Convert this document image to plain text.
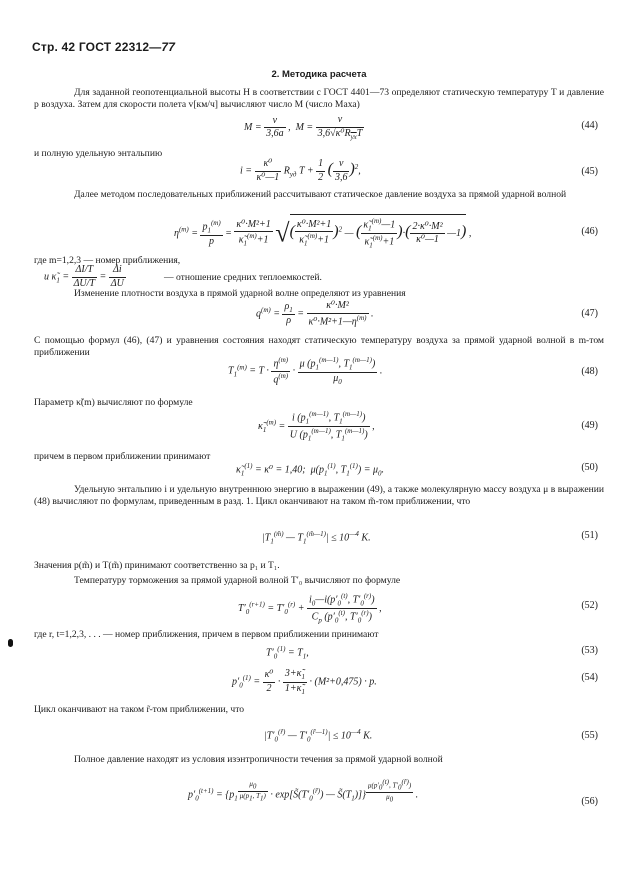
Стр. 42 ГОСТ 22312—77
2. Методика расчета
Для заданной геопотенциальной высоты H в соответствии с ГОСТ 4401—73 определяют статическую температуру T и давление p воздуха. Затем для скорости полета v[км/ч] вычисляют число M (число Маха)
$M = \frac{v}{3,6a}$ ,  $M = \frac{v}{3,6√\kappa^0R_{ух}T}$	(44)
и полную удельную энтальпию
$i = \frac{\text{κ⁰}}{\text{κ⁰—1}} R_{уд}$ $T + \frac{1}{2}$ ( $\frac{v}{3,6} )^2$,	(45)
Далее методом последовательных приближений рассчитывают статическое давление воздуха за прямой ударной волной
$\eta^{(m)} = \frac{p_1^{(m)}}{p} = \frac{\text{κ⁰·M²+1}}{\kappã_1^{(m)}+1}$ √( $\frac{\text{κ⁰·M²+1}}{\kappã_1^{(m)}+1} )^2$ — ( $\frac{\kappã_1^{(m)}—1}{\kappã_1^{(m)}+1}$ )·( $\frac{\text{2·κ⁰·M²}}{\text{κ⁰—1}}$ —1) ,	(46)
где m=1,2,3 — номер приближения,
и $\kappã_1 = \frac{\Delta I/T}{\Delta U/T} = \frac{\Delta i}{\Delta U}$	— отношение средних теплоемкостей.
Изменение плотности воздуха в прямой ударной волне определяют из уравнения
$q^{(m)} = \frac{\rho_1}{\rho} = \frac{\text{κ⁰·M²}}{\kappa^0\cdot M^2+1—\eta^{(m)}}$ .	(47)
С помощью формул (46), (47) и уравнения состояния находят статическую температуру воздуха за прямой ударной волной в m-том приближении
$T_1^{(m)} = T \cdot \frac{\eta^{(m)}}{q^{(m)}} \cdot \frac{\mu (p_1^{(m—1)}, T_1^{(m—1)})}{\mu_0}$ .	(48)
Параметр κ̃(m) вычисляют по формуле
$\kappã_1^{(m)} = \frac{i (p_1^{(m—1)}, T_1^{(m—1)})}{U (p_1^{(m—1)}, T_1^{(m—1)})}$ ,	(49)
причем в первом приближении принимают
$\kappã_1^{(1)} = \kappa^0 = 1,40$;  $\mu(p_1^{(1)}$, $T_1^{(1)}) = \mu_0$.	(50)
Удельную энтальпию i и удельную внутреннюю энергию в выражении (49), а также молекулярную массу воздуха μ в выражении (48) вычисляют по формулам, приведенным в разд. 1. Цикл оканчивают на таком m̃-том приближении, что
$|T_1^{(m̃)}$ — $T_1^{(m̃—1)}| \le 10^{—4}$ K.	(51)
Значения p(m̃) и T(m̃) принимают соответственно за p₁ и T₁.
Температуру торможения за прямой ударной волной T′₀ вычисляют по формуле
$T'_0^{(r+1)} = T'_0^{(r)} + \frac{i_0—i(p'_0^{(t)}, T'_0^{(r)})}{C_p (p'_0^{(t)}, T'_0^{(r)})}$ ,	(52)
где r, t=1,2,3, . . . — номер приближения, причем в первом приближении принимают
$T'_0^{(1)} = T_1$,	(53)
$p'_0^{(1)} = \frac{\text{κ⁰}}{2} \cdot \frac{3+\kappã_1}{1+\kappã_1} \cdot (M^2+0,475) \cdot p$.	(54)
Цикл оканчивают на таком r̃-том приближении, что
$|T'_0^{(r̃)}$ — $T'_0^{(r̃—1)}| \le 10^{—4}$ K.	(55)
Полное давление находят из условия изэнтропичности течения за прямой ударной волной
$p'_0^{(t+1)} = \{p_1$ $^{\frac{\mu_0}{\mu(p_1, T_1)}} \cdot \exp[S̃(T'_0^{(r̃)})$ — $S̃(T_1)$]} $^{\frac{\mu(p'_0^{(t)}, T'_0^{(r̃)})}{\mu_0}}$ .
(56)
